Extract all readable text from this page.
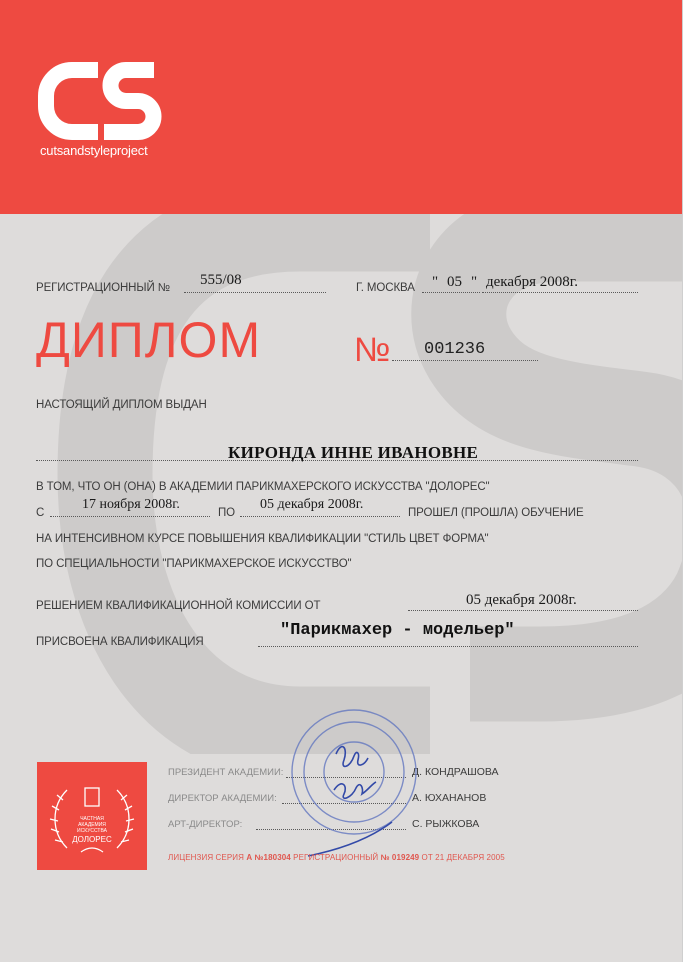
cutsandstyleproject
РЕГИСТРАЦИОННЫЙ № 555/08	Г. МОСКВА " 05 " декабря 2008г.
ДИПЛОМ	№ 001236
НАСТОЯЩИЙ ДИПЛОМ ВЫДАН
КИРОНДА ИННЕ ИВАНОВНЕ
В ТОМ, ЧТО ОН (ОНА) В АКАДЕМИИ ПАРИКМАХЕРСКОГО ИСКУССТВА "ДОЛОРЕС"
С
17 ноября 2008г.
ПО
05 декабря 2008г.
ПРОШЕЛ (ПРОШЛА) ОБУЧЕНИЕ
НА ИНТЕНСИВНОМ КУРСЕ ПОВЫШЕНИЯ КВАЛИФИКАЦИИ "СТИЛЬ ЦВЕТ ФОРМА"
ПО СПЕЦИАЛЬНОСТИ "ПАРИКМАХЕРСКОЕ ИСКУССТВО"
РЕШЕНИЕМ КВАЛИФИКАЦИОННОЙ КОМИССИИ ОТ	05 декабря 2008г.
ПРИСВОЕНА КВАЛИФИКАЦИЯ
"Парикмахер - модельер"
ЧАСТНАЯ
АКАДЕМИЯ
ИСКУССТВА
ДОЛОРЕС
ПРЕЗИДЕНТ АКАДЕМИИ:	Д. КОНДРАШОВА
ДИРЕКТОР АКАДЕМИИ:	А. ЮХАНАНОВ
АРТ-ДИРЕКТОР:	С. РЫЖКОВА
ЛИЦЕНЗИЯ СЕРИЯ А №180304 РЕГИСТРАЦИОННЫЙ № 019249 ОТ 21 ДЕКАБРЯ 2005
